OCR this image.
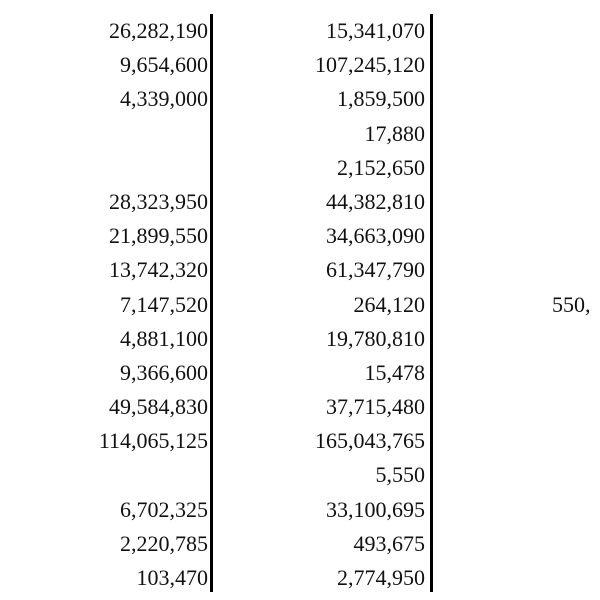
26,282,190
9,654,600
4,339,000
28,323,950
21,899,550
13,742,320
7,147,520
4,881,100
9,366,600
49,584,830
114,065,125
6,702,325
2,220,785
103,470
15,341,070
107,245,120
1,859,500
17,880
2,152,650
44,382,810
34,663,090
61,347,790
264,120
19,780,810
15,478
37,715,480
165,043,765
5,550
33,100,695
493,675
2,774,950
550,
